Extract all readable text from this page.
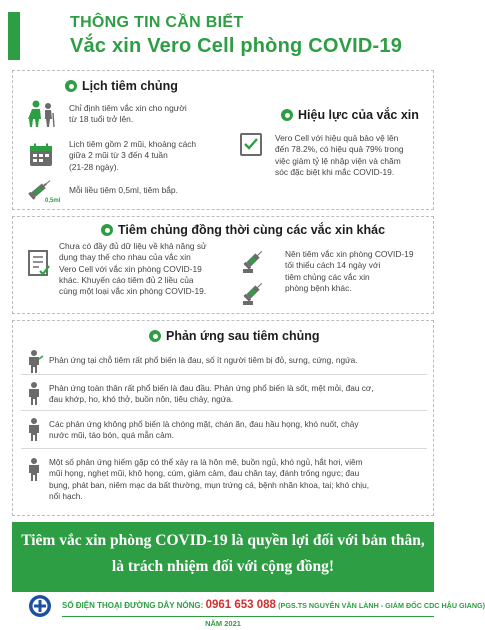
THÔNG TIN CẦN BIẾT
Vắc xin Vero Cell phòng COVID-19
Lịch tiêm chủng
Chỉ định tiêm vắc xin cho người
từ 18 tuổi trở lên.
Lịch tiêm gồm 2 mũi, khoảng cách
giữa 2 mũi từ 3 đến 4 tuần
(21-28 ngày).
0,5ml
Mỗi liều tiêm 0,5ml, tiêm bắp.
Hiệu lực của vắc xin
Vero Cell với hiệu quả bảo vệ lên
đến 78.2%, có hiệu quả 79% trong
việc giảm tỷ lệ nhập viện và chăm
sóc đặc biệt khi mắc COVID-19.
Tiêm chủng đồng thời cùng các vắc xin khác
Chưa có đầy đủ dữ liệu về khả năng sử
dụng thay thế cho nhau của vắc xin
Vero Cell với vắc xin phòng COVID-19
khác. Khuyến cáo tiêm đủ 2 liều của
cùng một loại vắc xin phòng COVID-19.
Nên tiêm vắc xin phòng COVID-19
tối thiểu cách 14 ngày với
tiêm chủng các vắc xin
phòng bệnh khác.
Phản ứng sau tiêm chủng
Phản ứng tại chỗ tiêm rất phổ biến là đau, số ít người tiêm bị đỏ, sưng, cứng, ngứa.
Phản ứng toàn thân rất phổ biến là đau đầu. Phản ứng phổ biến là sốt, mệt mỏi, đau cơ,
đau khớp, ho, khó thở, buồn nôn, tiêu chảy, ngứa.
Các phản ứng không phổ biến là chóng mặt, chán ăn, đau hầu họng, khó nuốt, chảy
nước mũi, táo bón, quá mẫn cảm.
Một số phản ứng hiếm gặp có thể xảy ra là hôn mê, buồn ngủ, khó ngủ, hắt hơi, viêm
mũi họng, nghẹt mũi, khô họng, cúm, giảm cảm, đau chân tay, đánh trống ngực; đau
bụng, phát ban, niêm mạc da bất thường, mụn trứng cá, bệnh nhãn khoa, tai; khó chịu,
nổi hạch.
Tiêm vắc xin phòng COVID-19 là quyền lợi đối với bản thân,
là trách nhiệm đối với cộng đồng!
SỐ ĐIỆN THOẠI ĐƯỜNG DÂY NÓNG: 0961 653 088 (PGS.TS NGUYỄN VĂN LÀNH - GIÁM ĐỐC CDC HẬU GIANG)
NĂM 2021
